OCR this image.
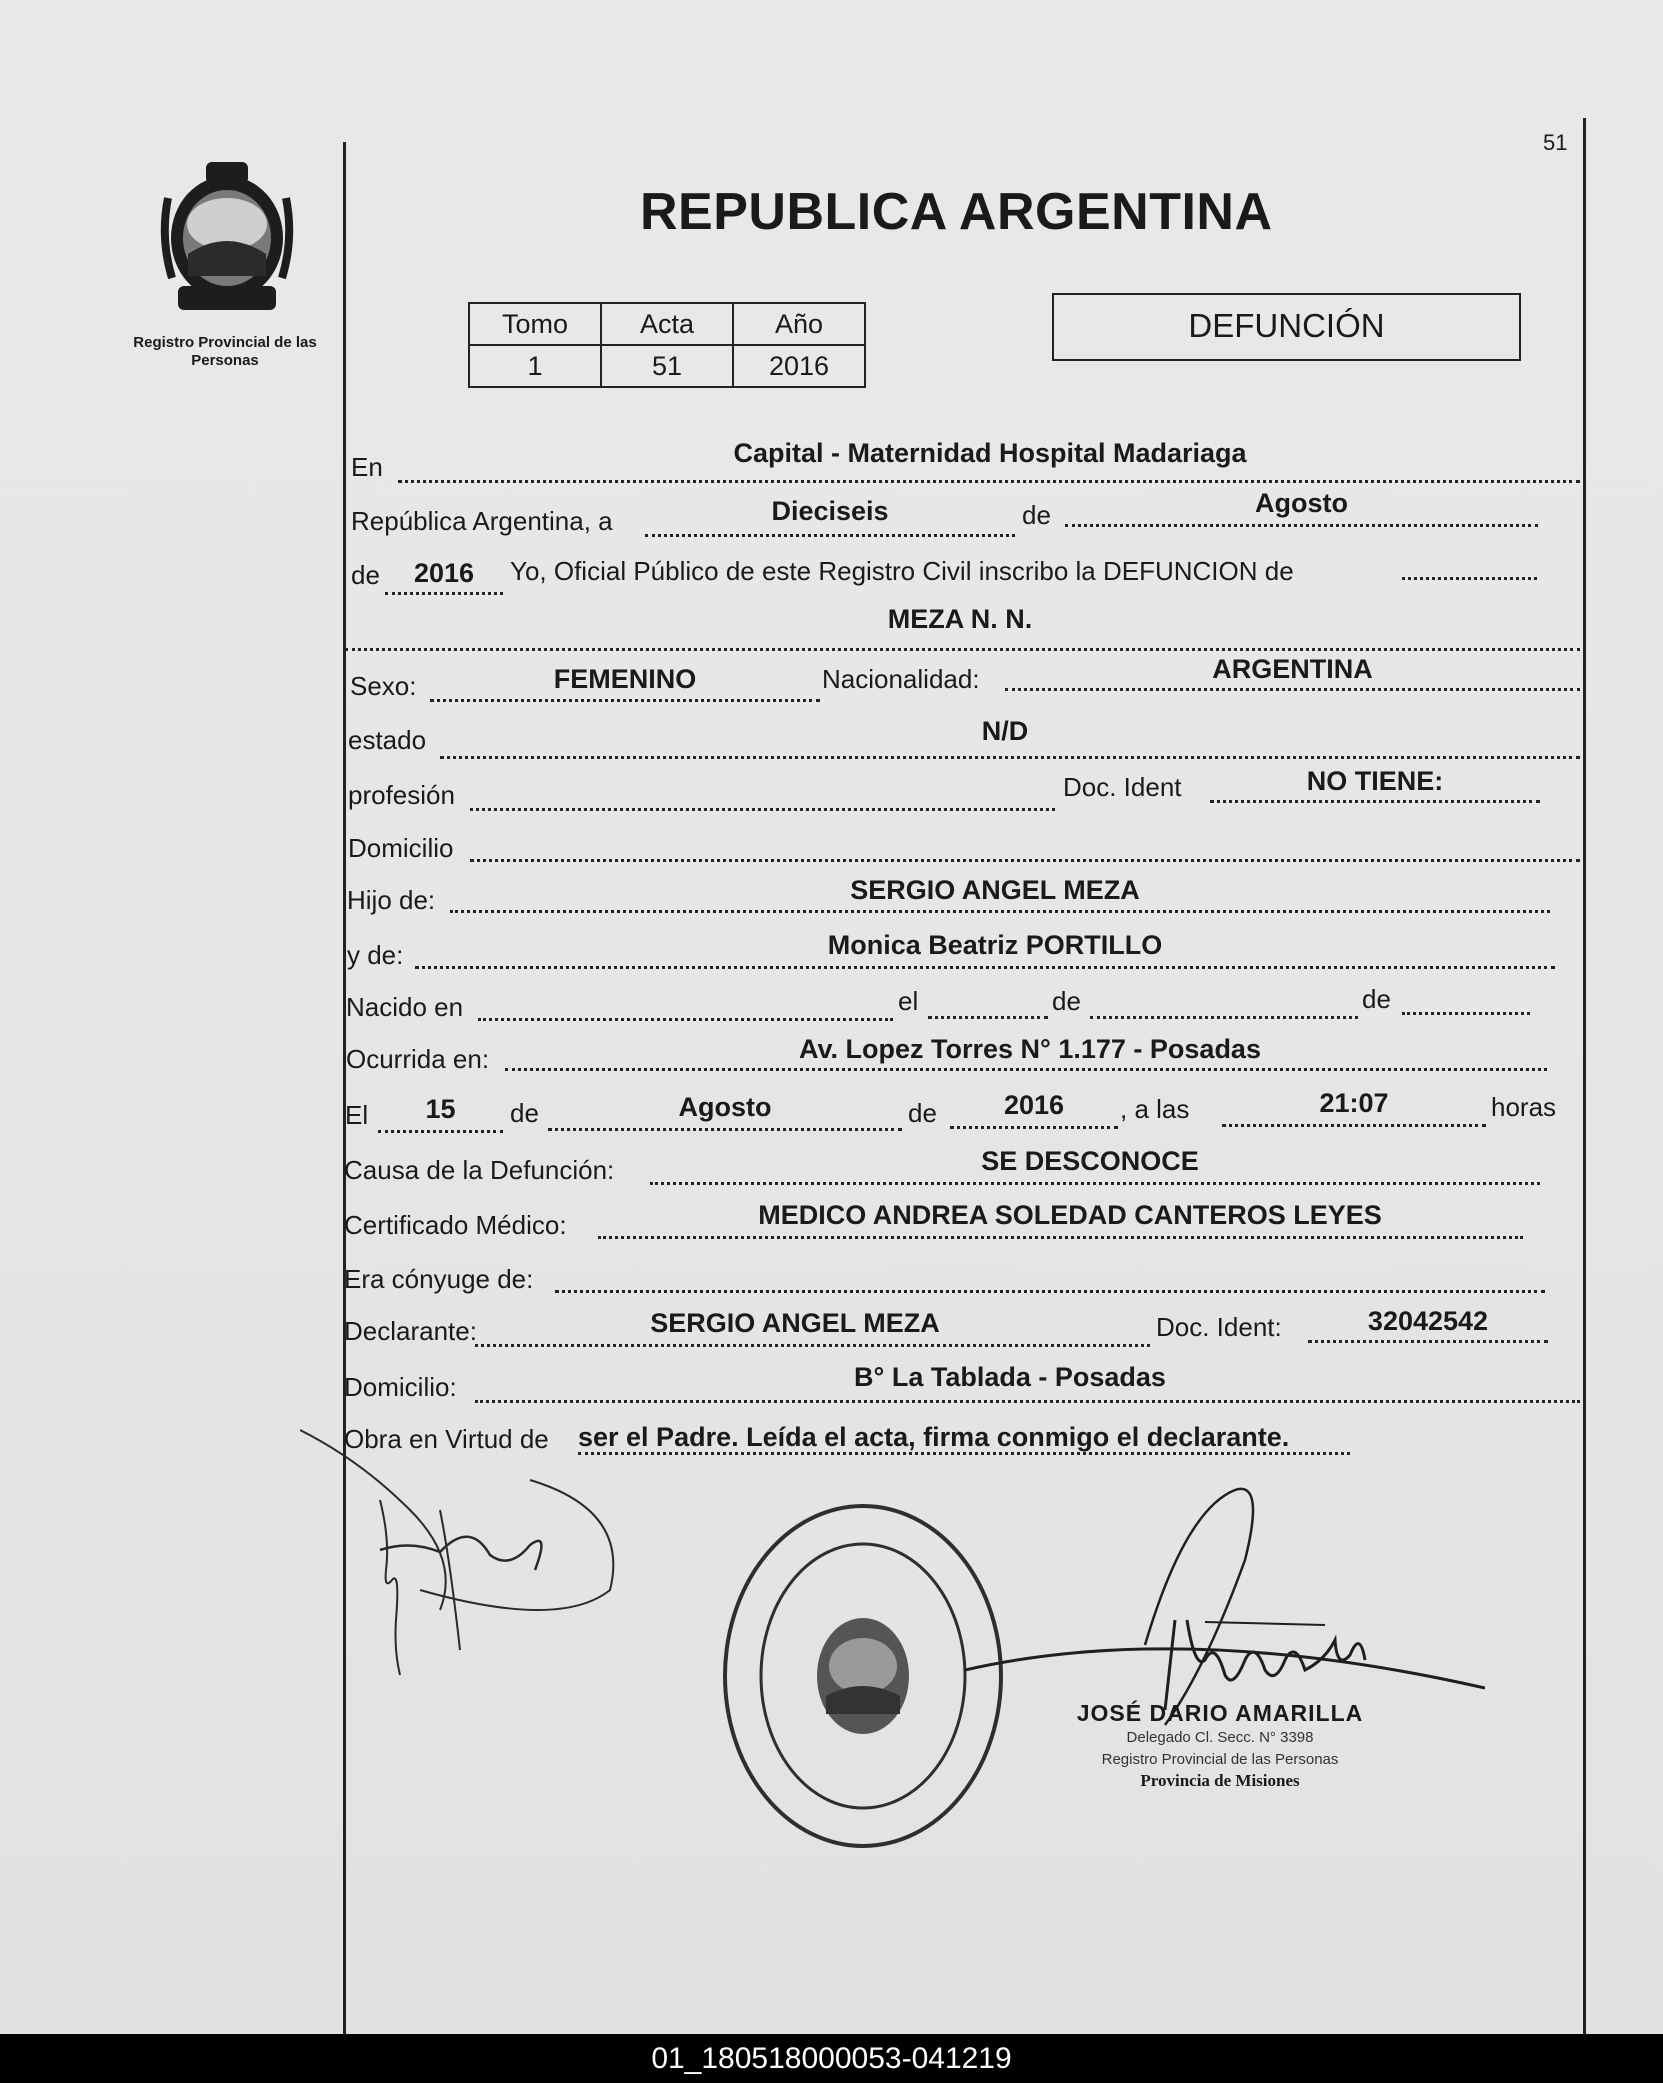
Registro Provincial de las Personas
51
REPUBLICA ARGENTINA
Tomo	Acta	Año
1	51	2016
DEFUNCIÓN
En	Capital - Maternidad Hospital Madariaga
República Argentina, a	Dieciseis	de	Agosto
de	2016	Yo, Oficial Público de este Registro Civil inscribo la DEFUNCION de
MEZA N. N.
Sexo:	FEMENINO	Nacionalidad:	ARGENTINA
estado	N/D
profesión	Doc. Ident	NO TIENE:
Domicilio
Hijo de:	SERGIO ANGEL MEZA
y de:	Monica Beatriz PORTILLO
Nacido en	el	de	de
Ocurrida en:	Av. Lopez Torres N° 1.177 - Posadas
El	15	de	Agosto	de	2016	, a las	21:07	horas
Causa de la Defunción:	SE DESCONOCE
Certificado Médico:	MEDICO ANDREA SOLEDAD CANTEROS LEYES
Era cónyuge de:
Declarante:	SERGIO ANGEL MEZA	Doc. Ident:	32042542
Domicilio:	B° La Tablada - Posadas
Obra en Virtud de ser el Padre. Leída el acta, firma conmigo el declarante.
JOSÉ DARIO AMARILLA
Delegado Cl. Secc. N° 3398
Registro Provincial de las Personas
Provincia de Misiones
01_180518000053-041219
